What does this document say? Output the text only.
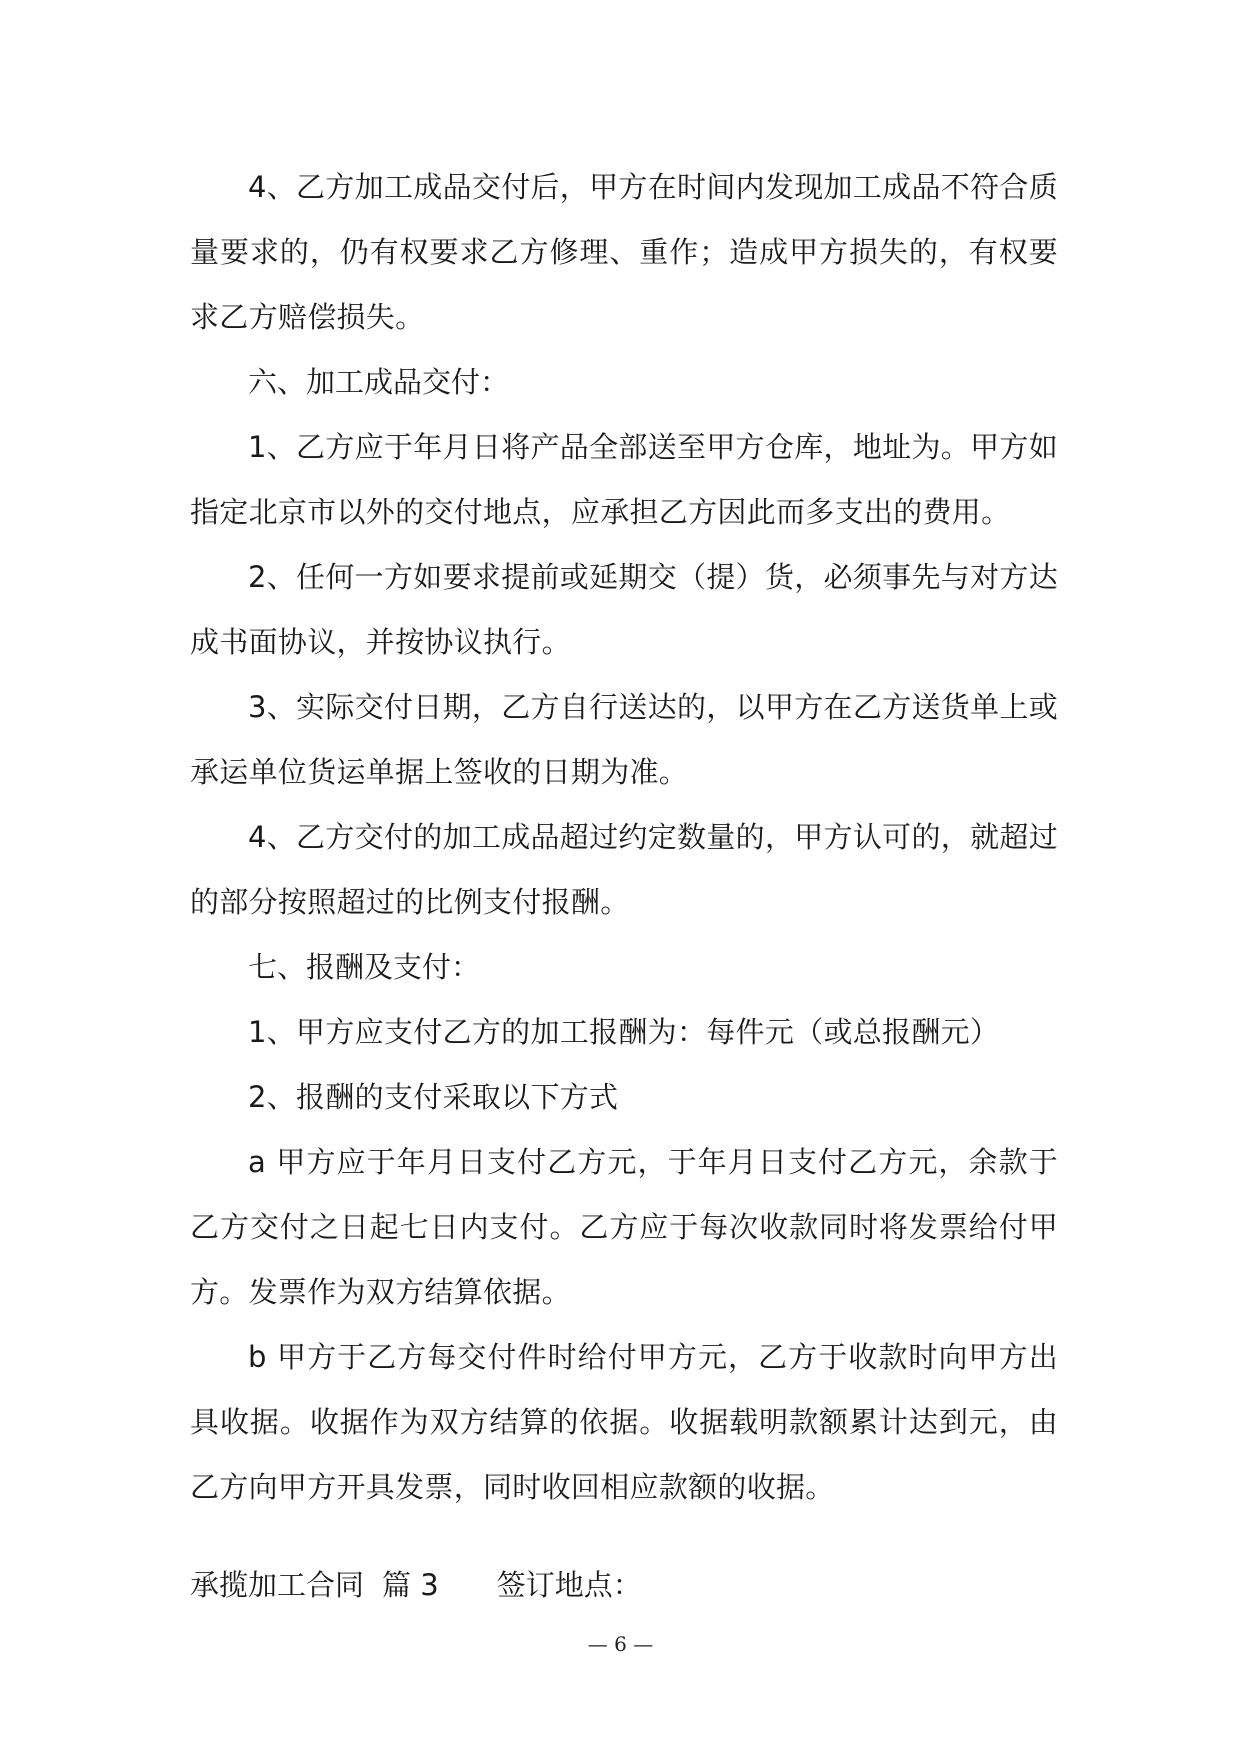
4、乙方加工成品交付后，甲方在时间内发现加工成品不符合质量要求的，仍有权要求乙方修理、重作；造成甲方损失的，有权要求乙方赔偿损失。

六、加工成品交付：

1、乙方应于年月日将产品全部送至甲方仓库，地址为。甲方如指定北京市以外的交付地点，应承担乙方因此而多支出的费用。

2、任何一方如要求提前或延期交（提）货，必须事先与对方达成书面协议，并按协议执行。

3、实际交付日期，乙方自行送达的，以甲方在乙方送货单上或承运单位货运单据上签收的日期为准。

4、乙方交付的加工成品超过约定数量的，甲方认可的，就超过的部分按照超过的比例支付报酬。

七、报酬及支付：

1、甲方应支付乙方的加工报酬为：每件元（或总报酬元）

2、报酬的支付采取以下方式

a 甲方应于年月日支付乙方元，于年月日支付乙方元，余款于乙方交付之日起七日内支付。乙方应于每次收款同时将发票给付甲方。发票作为双方结算依据。

b 甲方于乙方每交付件时给付甲方元，乙方于收款时向甲方出具收据。收据作为双方结算的依据。收据载明款额累计达到元，由乙方向甲方开具发票，同时收回相应款额的收据。

承揽加工合同 篇 3 签订地点：
— 6 —
